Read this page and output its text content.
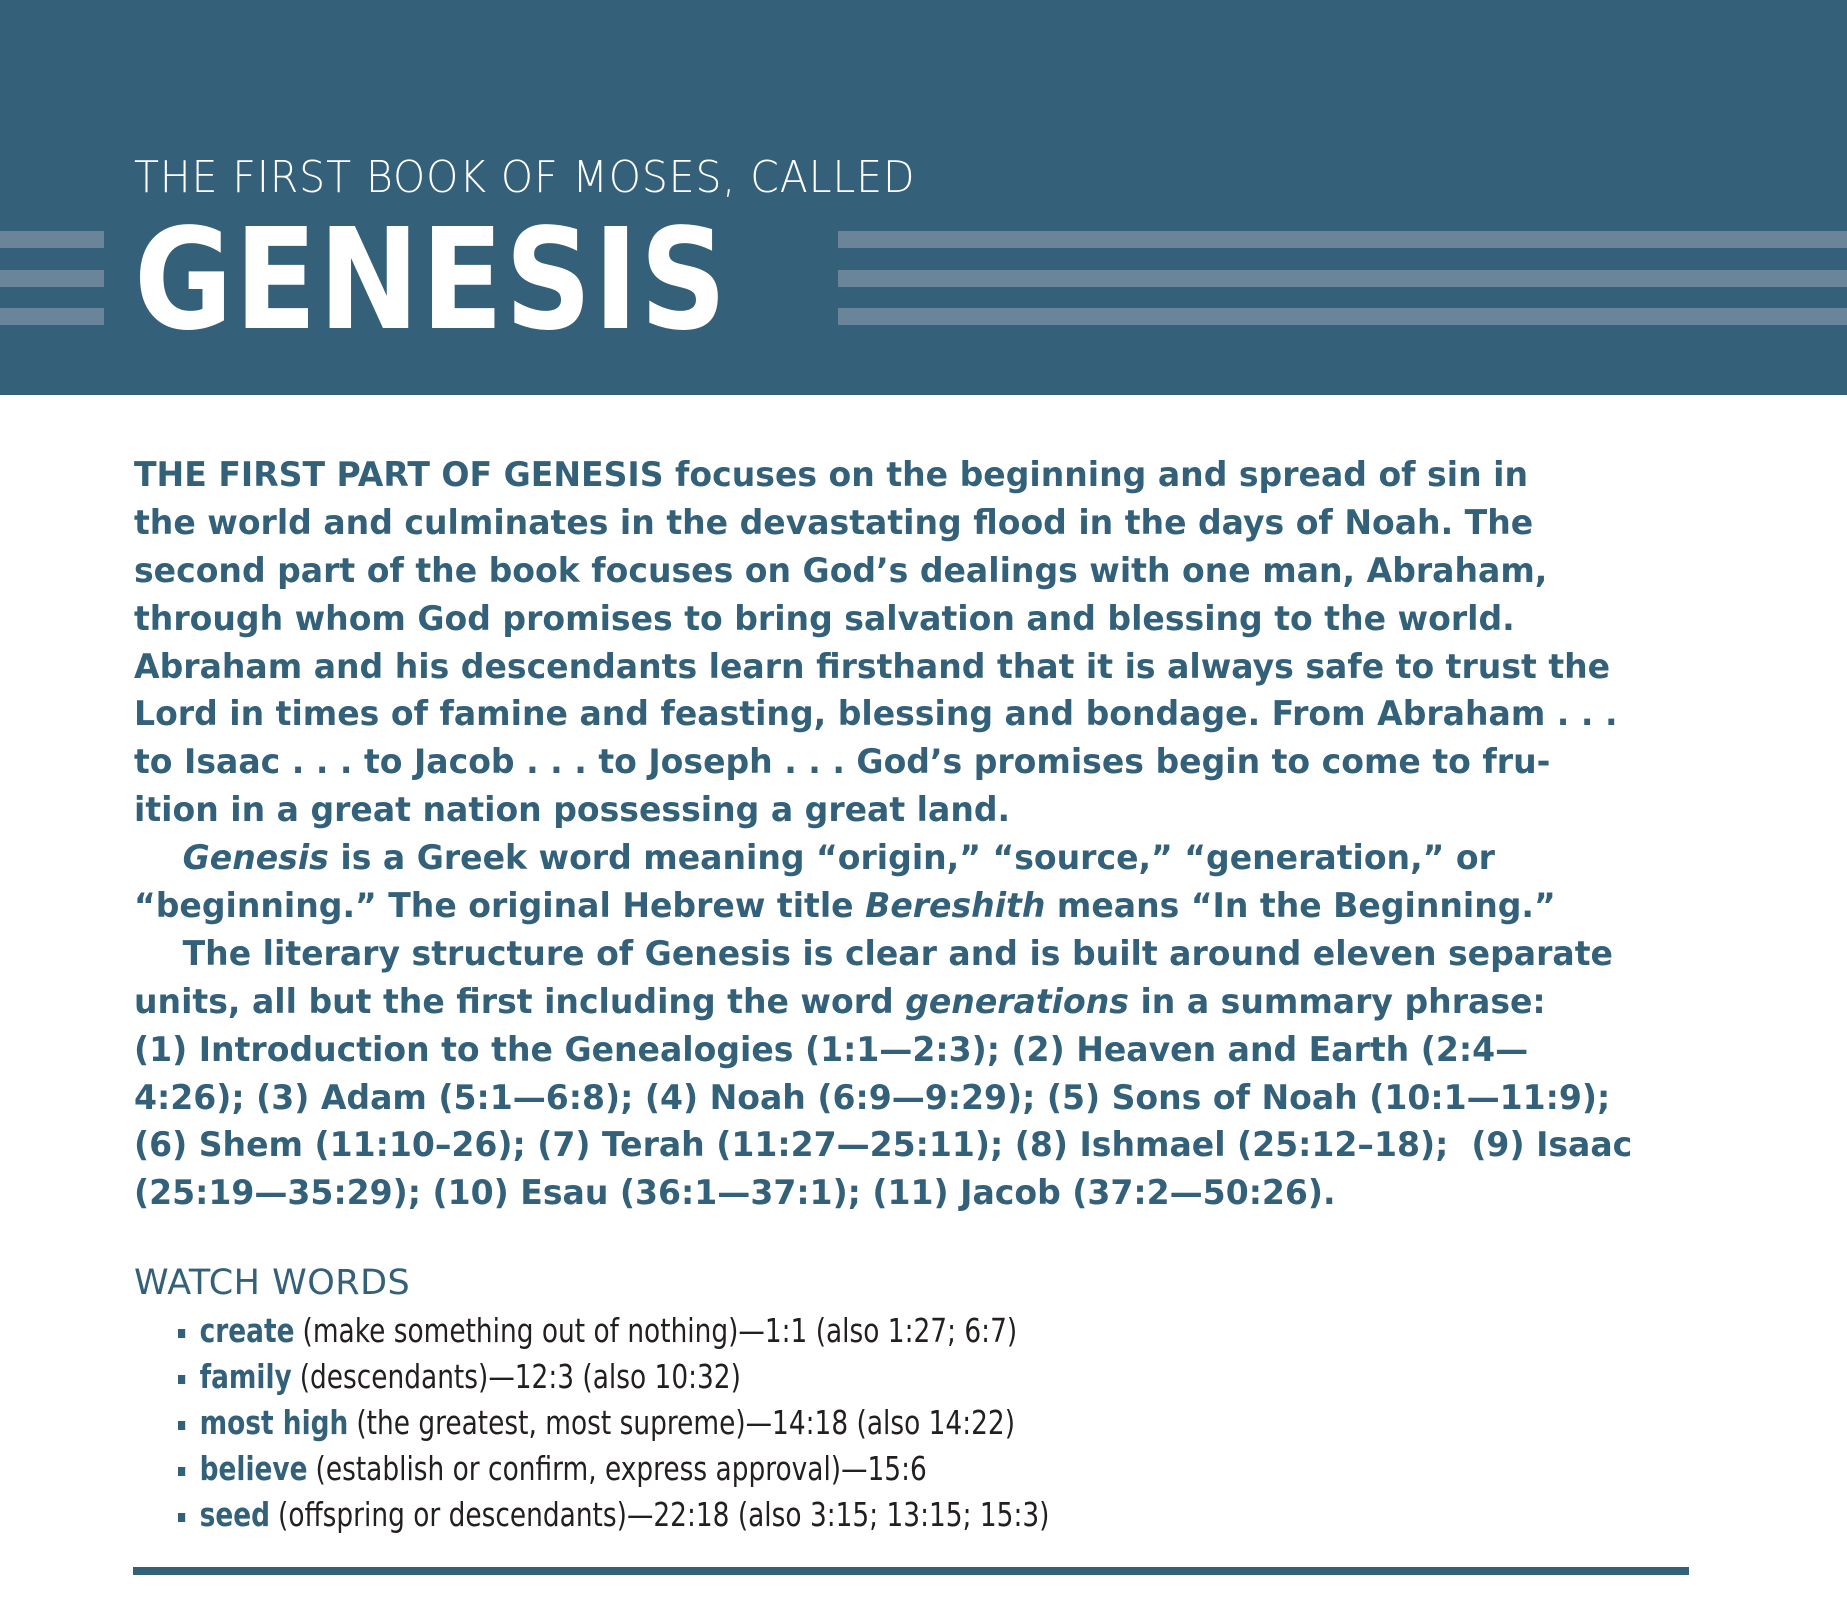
THE FIRST BOOK OF MOSES, CALLED
GENESIS
THE FIRST PART OF GENESIS focuses on the beginning and spread of sin in
the world and culminates in the devastating flood in the days of Noah. The
second part of the book focuses on God’s dealings with one man, Abraham,
through whom God promises to bring salvation and blessing to the world.
Abraham and his descendants learn firsthand that it is always safe to trust the
Lord in times of famine and feasting, blessing and bondage. From Abraham . . .
to Isaac . . . to Jacob . . . to Joseph . . . God’s promises begin to come to fru-
ition in a great nation possessing a great land.
Genesis is a Greek word meaning “origin,” “source,” “generation,” or
“beginning.” The original Hebrew title Bereshith means “In the Beginning.”
The literary structure of Genesis is clear and is built around eleven separate
units, all but the first including the word generations in a summary phrase:
(1) Introduction to the Genealogies (1:1—2:3); (2) Heaven and Earth (2:4—
4:26); (3) Adam (5:1—6:8); (4) Noah (6:9—9:29); (5) Sons of Noah (10:1—11:9);
(6) Shem (11:10–26); (7) Terah (11:27—25:11); (8) Ishmael (25:12–18);  (9) Isaac
(25:19—35:29); (10) Esau (36:1—37:1); (11) Jacob (37:2—50:26).
WATCH WORDS
create (make something out of nothing)—1:1 (also 1:27; 6:7)
family (descendants)—12:3 (also 10:32)
most high (the greatest, most supreme)—14:18 (also 14:22)
believe (establish or confirm, express approval)—15:6
seed (offspring or descendants)—22:18 (also 3:15; 13:15; 15:3)
